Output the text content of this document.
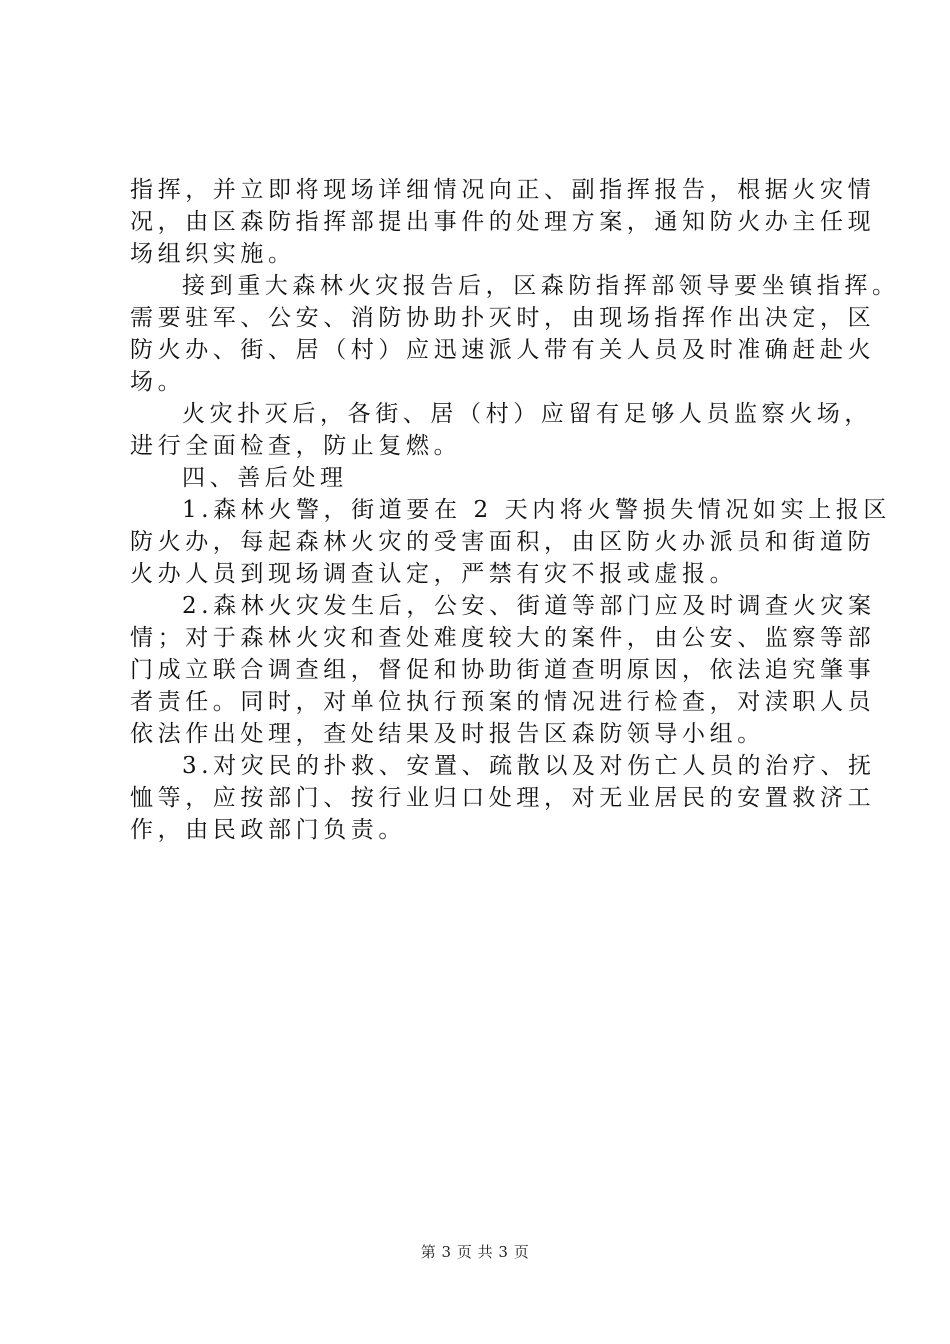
指挥，并立即将现场详细情况向正、副指挥报告，根据火灾情
况，由区森防指挥部提出事件的处理方案，通知防火办主任现
场组织实施。
接到重大森林火灾报告后，区森防指挥部领导要坐镇指挥。
需要驻军、公安、消防协助扑灭时，由现场指挥作出决定，区
防火办、街、居（村）应迅速派人带有关人员及时准确赶赴火
场。
火灾扑灭后，各街、居（村）应留有足够人员监察火场，
进行全面检查，防止复燃。
四、善后处理
1.森林火警，街道要在 2 天内将火警损失情况如实上报区
防火办，每起森林火灾的受害面积，由区防火办派员和街道防
火办人员到现场调查认定，严禁有灾不报或虚报。
2.森林火灾发生后，公安、街道等部门应及时调查火灾案
情；对于森林火灾和查处难度较大的案件，由公安、监察等部
门成立联合调查组，督促和协助街道查明原因，依法追究肇事
者责任。同时，对单位执行预案的情况进行检查，对渎职人员
依法作出处理，查处结果及时报告区森防领导小组。
3.对灾民的扑救、安置、疏散以及对伤亡人员的治疗、抚
恤等，应按部门、按行业归口处理，对无业居民的安置救济工
作，由民政部门负责。
第 3 页 共 3 页
